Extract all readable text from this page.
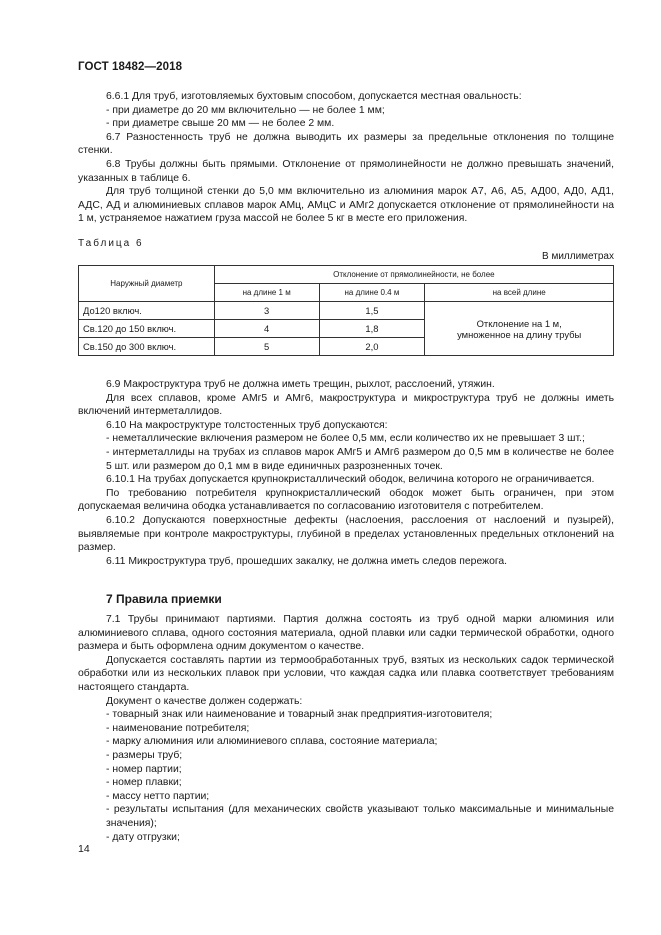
ГОСТ 18482—2018

6.6.1 Для труб, изготовляемых бухтовым способом, допускается местная овальность:

- при диаметре до 20 мм включительно — не более 1 мм;

- при диаметре свыше 20 мм — не более 2 мм.

6.7 Разностенность труб не должна выводить их размеры за предельные отклонения по толщине стенки.

6.8 Трубы должны быть прямыми. Отклонение от прямолинейности не должно превышать значений, указанных в таблице 6.

Для труб толщиной стенки до 5,0 мм включительно из алюминия марок А7, А6, А5, АД00, АД0, АД1, АДС, АД и алюминиевых сплавов марок АМц, АМцС и АМг2 допускается отклонение от прямолинейности на 1 м, устраняемое нажатием груза массой не более 5 кг в месте его приложения.

Таблица 6
В миллиметрах
Наружный диаметр	Отклонение от прямолинейности, не более		
	на длине 1 м	на длине 0.4 м	на всей длине
До120 включ.	3	1,5	Отклонение на 1 м,
умноженное на длину трубы

Св.120 до 150 включ.	4	1,8	
Св.150 до 300 включ.	5	2,0	

6.9 Макроструктура труб не должна иметь трещин, рыхлот, расслоений, утяжин.

Для всех сплавов, кроме АМг5 и АМг6, макроструктура и микроструктура труб не должны иметь включений интерметаллидов.

6.10 На макроструктуре толстостенных труб допускаются:

- неметаллические включения размером не более 0,5 мм, если количество их не превышает 3 шт.;

- интерметаллиды на трубах из сплавов марок АМг5 и АМг6 размером до 0,5 мм в количестве не более 5 шт. или размером до 0,1 мм в виде единичных разрозненных точек.

6.10.1 На трубах допускается крупнокристаллический ободок, величина которого не ограничивается.

По требованию потребителя крупнокристаллический ободок может быть ограничен, при этом допускаемая величина ободка устанавливается по согласованию изготовителя с потребителем.

6.10.2 Допускаются поверхностные дефекты (наслоения, расслоения от наслоений и пузырей), выявляемые при контроле макроструктуры, глубиной в пределах установленных предельных отклонений на размер.

6.11 Микроструктура труб, прошедших закалку, не должна иметь следов пережога.

7 Правила приемки

7.1 Трубы принимают партиями. Партия должна состоять из труб одной марки алюминия или алюминиевого сплава, одного состояния материала, одной плавки или садки термической обработки, одного размера и быть оформлена одним документом о качестве.

Допускается составлять партии из термообработанных труб, взятых из нескольких садок термической обработки или из нескольких плавок при условии, что каждая садка или плавка соответствует требованиям настоящего стандарта.

Документ о качестве должен содержать:

- товарный знак или наименование и товарный знак предприятия-изготовителя;

- наименование потребителя;

- марку алюминия или алюминиевого сплава, состояние материала;

- размеры труб;

- номер партии;

- номер плавки;

- массу нетто партии;

- результаты испытания (для механических свойств указывают только максимальные и минимальные значения);

- дату отгрузки;

14
